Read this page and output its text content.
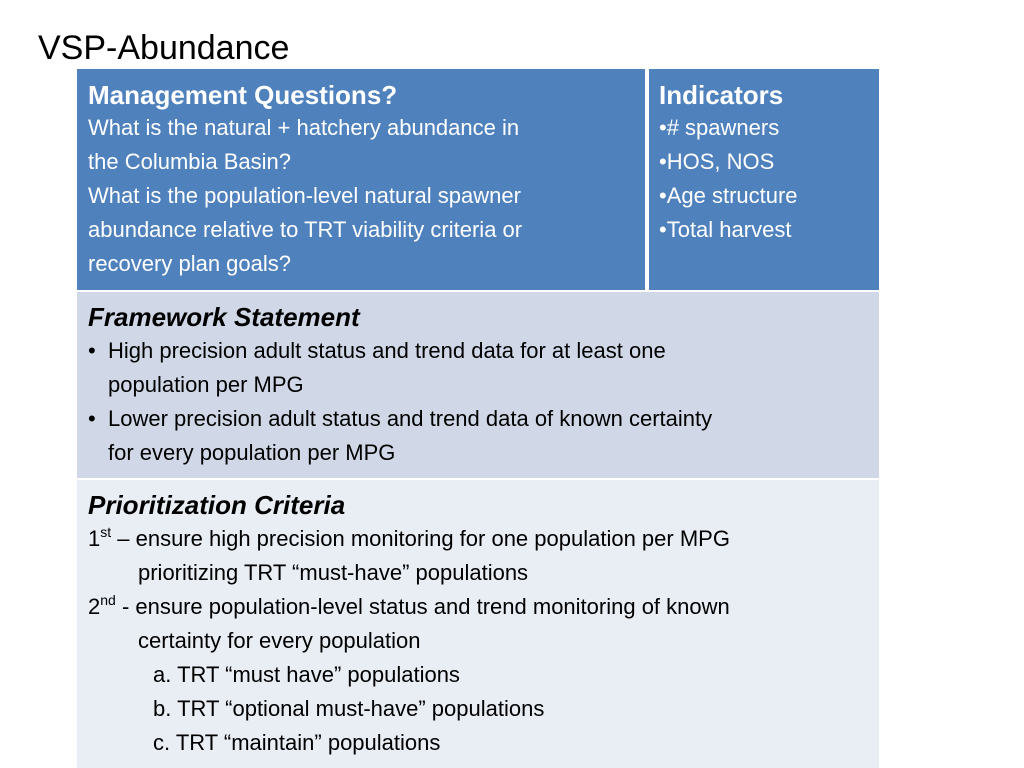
VSP-Abundance
Management Questions?
What is the natural + hatchery abundance in
the Columbia Basin?
What is the population-level natural spawner
abundance relative to TRT viability criteria or
recovery plan goals?
Indicators
•# spawners
•HOS, NOS
•Age structure
•Total harvest
Framework Statement
• High precision adult status and trend data for at least one
population per MPG
• Lower precision adult status and trend data of known certainty
for every population per MPG
Prioritization Criteria
1st – ensure high precision monitoring for one population per MPG
prioritizing TRT “must-have” populations
2nd - ensure population-level status and trend monitoring of known
certainty for every population
a. TRT “must have” populations
b. TRT “optional must-have” populations
c. TRT “maintain” populations
